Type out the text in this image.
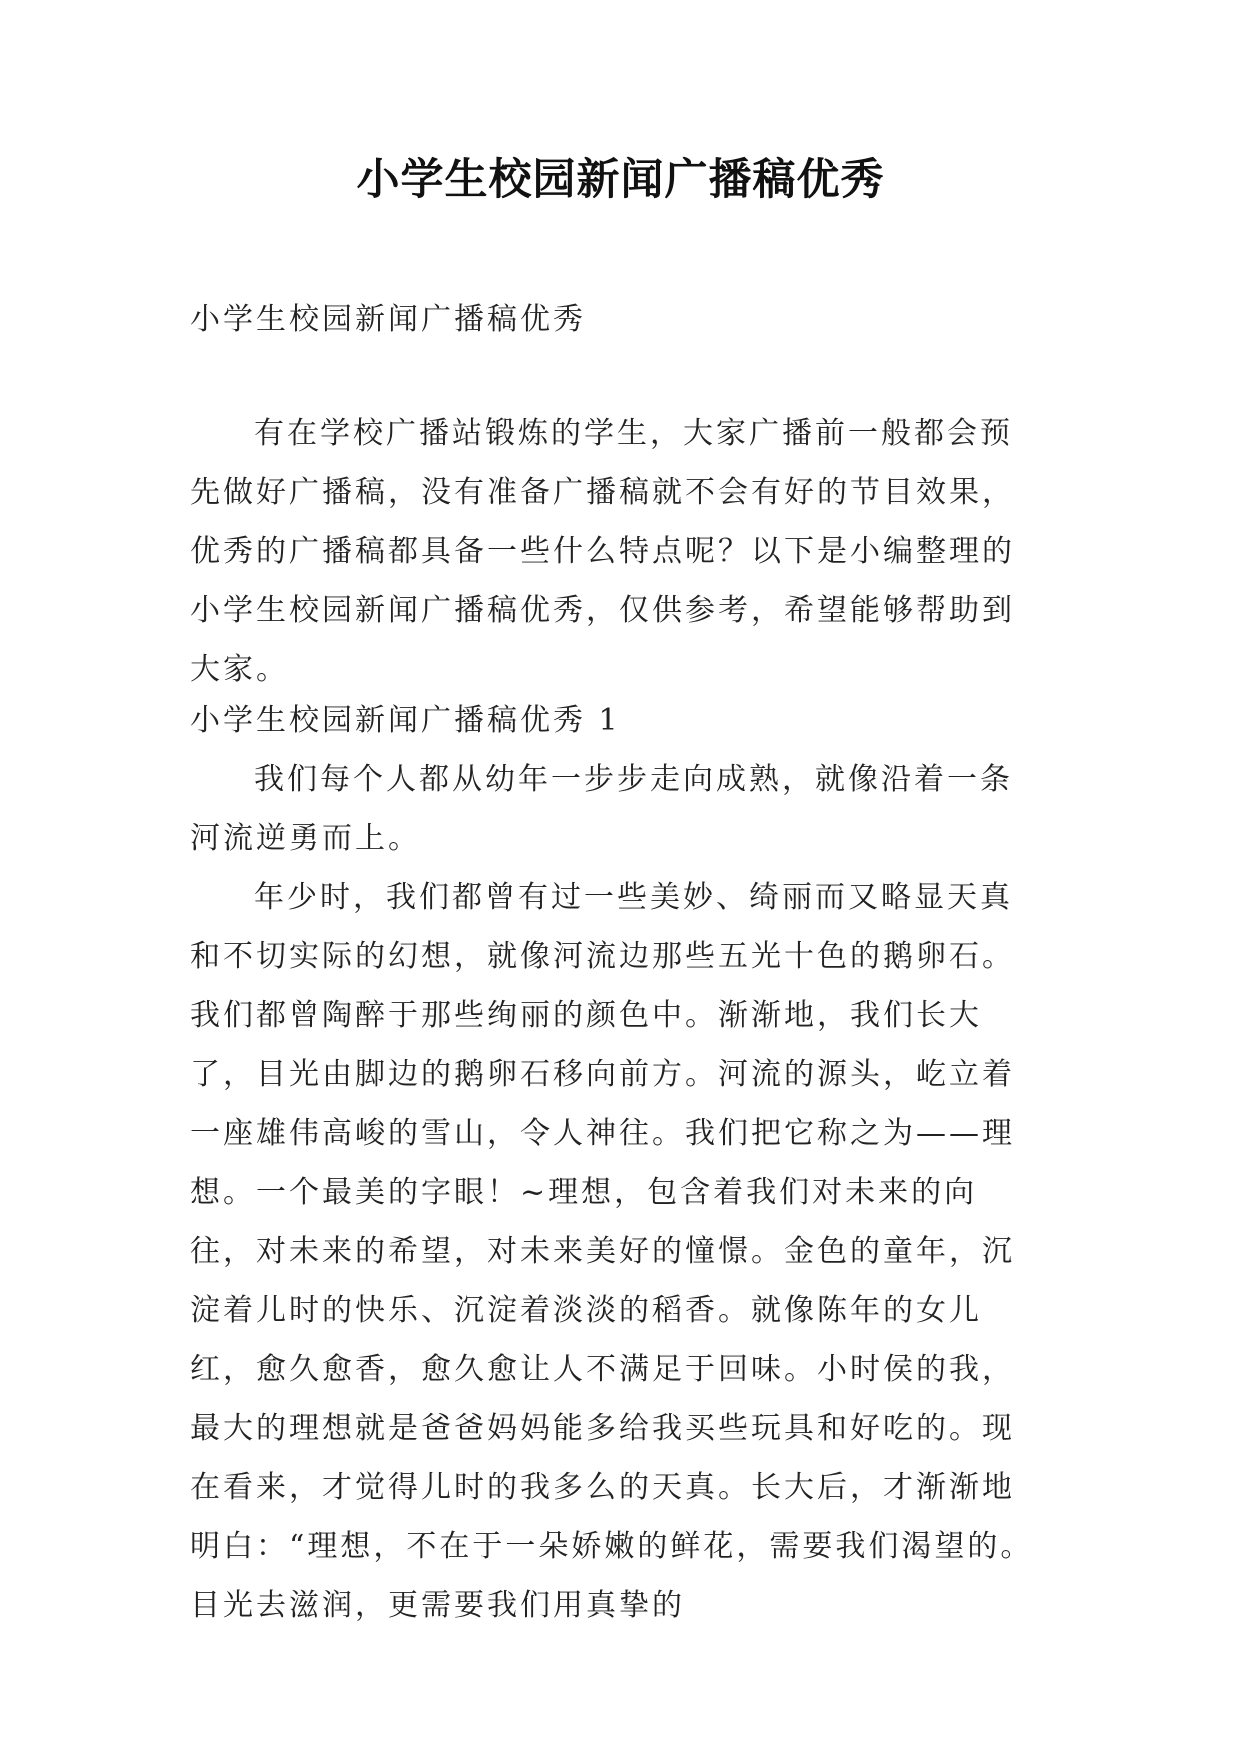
小学生校园新闻广播稿优秀

小学生校园新闻广播稿优秀

有在学校广播站锻炼的学生，大家广播前一般都会预先做好广播稿，没有准备广播稿就不会有好的节目效果，优秀的广播稿都具备一些什么特点呢？以下是小编整理的小学生校园新闻广播稿优秀，仅供参考，希望能够帮助到大家。

小学生校园新闻广播稿优秀 1

我们每个人都从幼年一步步走向成熟，就像沿着一条河流逆勇而上。

年少时，我们都曾有过一些美妙、绮丽而又略显天真和不切实际的幻想，就像河流边那些五光十色的鹅卵石。我们都曾陶醉于那些绚丽的颜色中。渐渐地，我们长大了，目光由脚边的鹅卵石移向前方。河流的源头，屹立着一座雄伟高峻的雪山，令人神往。我们把它称之为——理想。一个最美的字眼！~理想，包含着我们对未来的向往，对未来的希望，对未来美好的憧憬。金色的童年，沉淀着儿时的快乐、沉淀着淡淡的稻香。就像陈年的女儿红，愈久愈香，愈久愈让人不满足于回味。小时侯的我，最大的理想就是爸爸妈妈能多给我买些玩具和好吃的。现在看来，才觉得儿时的我多么的天真。长大后，才渐渐地明白：“理想，不在于一朵娇嫩的鲜花，需要我们渴望的。目光去滋润，更需要我们用真挚的
